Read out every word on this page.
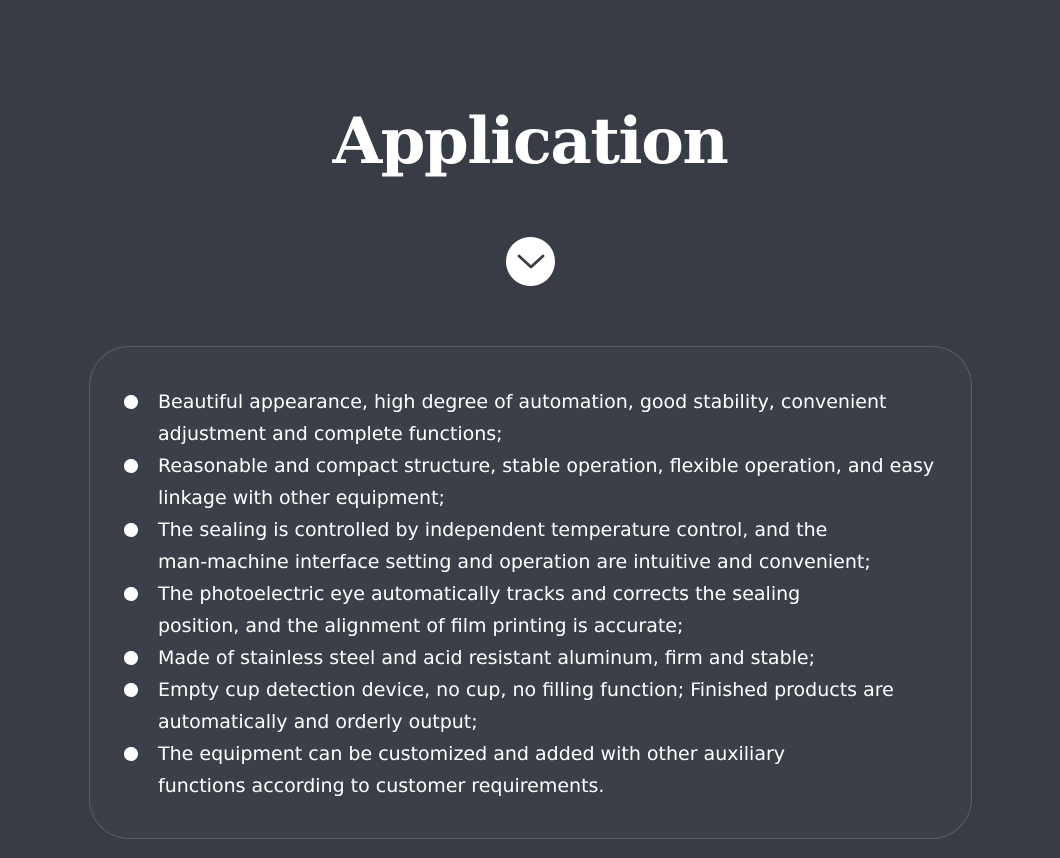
Application
Beautiful appearance, high degree of automation, good stability, convenient
adjustment and complete functions;
Reasonable and compact structure, stable operation, flexible operation, and easy
linkage with other equipment;
The sealing is controlled by independent temperature control, and the
man-machine interface setting and operation are intuitive and convenient;
The photoelectric eye automatically tracks and corrects the sealing
position, and the alignment of film printing is accurate;
Made of stainless steel and acid resistant aluminum, firm and stable;
Empty cup detection device, no cup, no filling function; Finished products are
automatically and orderly output;
The equipment can be customized and added with other auxiliary
functions according to customer requirements.
